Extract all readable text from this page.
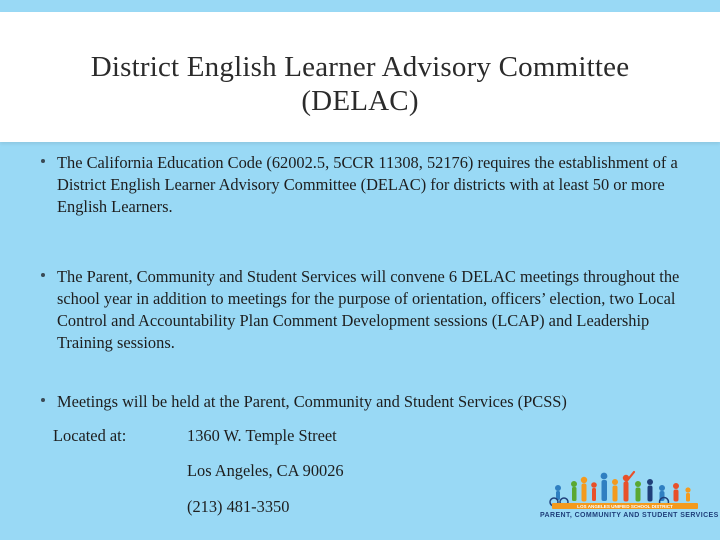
District English Learner Advisory Committee
(DELAC)
The California Education Code (62002.5, 5CCR 11308, 52176) requires the establishment of a District English Learner Advisory Committee (DELAC) for districts with at least 50 or more English Learners.
The Parent, Community and Student Services will convene 6 DELAC meetings throughout the school year in addition to meetings for the purpose of orientation, officers’ election, two Local Control and Accountability Plan Comment Development sessions (LCAP) and Leadership Training sessions.
Meetings will be held at the Parent, Community and Student Services (PCSS)
Located at:	1360 W. Temple Street
Los Angeles, CA 90026
(213) 481-3350	LOS ANGELES UNIFIED SCHOOL DISTRICT
PARENT, COMMUNITY AND STUDENT SERVICES
